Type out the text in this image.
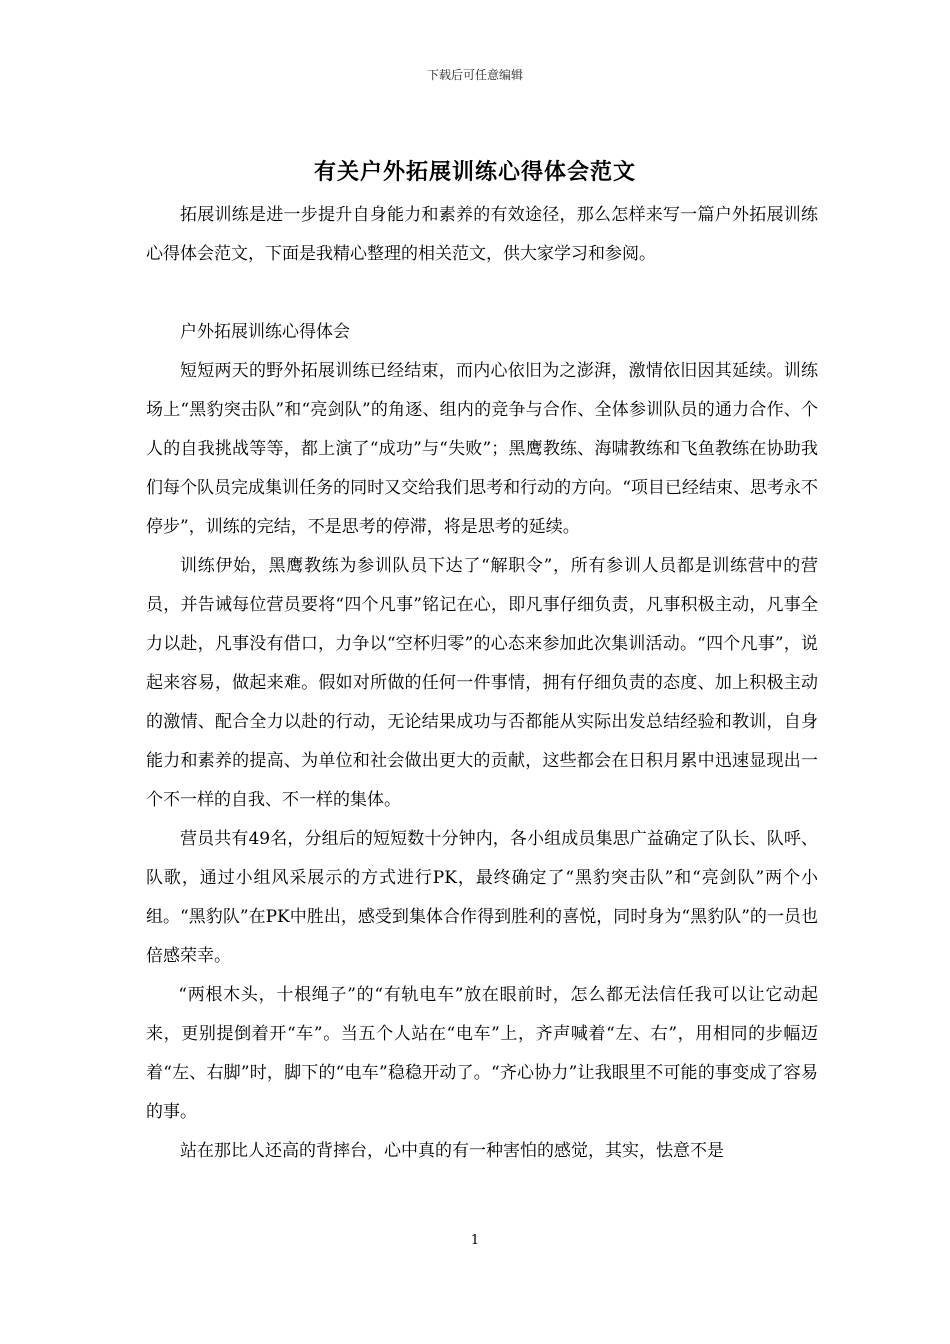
下载后可任意编辑
有关户外拓展训练心得体会范文

拓展训练是进一步提升自身能力和素养的有效途径，那么怎样来写一篇户外拓展训练心得体会范文，下面是我精心整理的相关范文，供大家学习和参阅。

户外拓展训练心得体会

短短两天的野外拓展训练已经结束，而内心依旧为之澎湃，激情依旧因其延续。训练场上“黑豹突击队”和“亮剑队”的角逐、组内的竞争与合作、全体参训队员的通力合作、个人的自我挑战等等，都上演了“成功”与“失败”；黑鹰教练、海啸教练和飞鱼教练在协助我们每个队员完成集训任务的同时又交给我们思考和行动的方向。“项目已经结束、思考永不停步”，训练的完结，不是思考的停滞，将是思考的延续。

训练伊始，黑鹰教练为参训队员下达了“解职令”，所有参训人员都是训练营中的营员，并告诫每位营员要将“四个凡事”铭记在心，即凡事仔细负责，凡事积极主动，凡事全力以赴，凡事没有借口，力争以“空杯归零”的心态来参加此次集训活动。“四个凡事”，说起来容易，做起来难。假如对所做的任何一件事情，拥有仔细负责的态度、加上积极主动的激情、配合全力以赴的行动，无论结果成功与否都能从实际出发总结经验和教训，自身能力和素养的提高、为单位和社会做出更大的贡献，这些都会在日积月累中迅速显现出一个不一样的自我、不一样的集体。

营员共有49名，分组后的短短数十分钟内，各小组成员集思广益确定了队长、队呼、队歌，通过小组风采展示的方式进行PK，最终确定了“黑豹突击队”和“亮剑队”两个小组。“黑豹队”在PK中胜出，感受到集体合作得到胜利的喜悦，同时身为“黑豹队”的一员也倍感荣幸。

“两根木头，十根绳子”的“有轨电车”放在眼前时，怎么都无法信任我可以让它动起来，更别提倒着开“车”。当五个人站在“电车”上，齐声喊着“左、右”，用相同的步幅迈着“左、右脚”时，脚下的“电车”稳稳开动了。“齐心协力”让我眼里不可能的事变成了容易的事。

站在那比人还高的背摔台，心中真的有一种害怕的感觉，其实，怯意不是

1
